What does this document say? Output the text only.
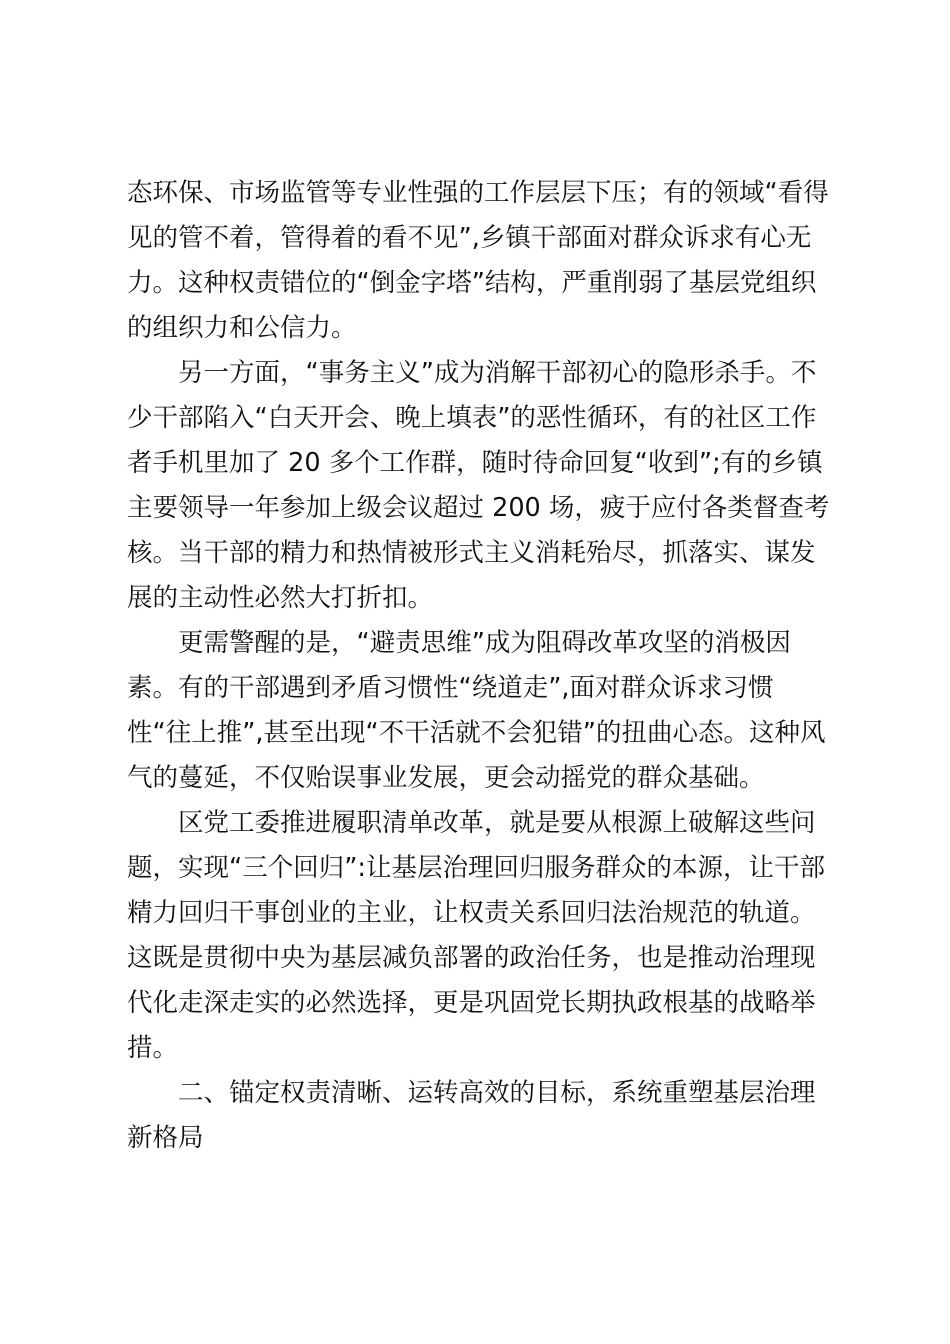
态环保、市场监管等专业性强的工作层层下压；有的领域“看得
见的管不着，管得着的看不见”,乡镇干部面对群众诉求有心无
力。这种权责错位的“倒金字塔”结构，严重削弱了基层党组织
的组织力和公信力。
　　另一方面，“事务主义”成为消解干部初心的隐形杀手。不
少干部陷入“白天开会、晚上填表”的恶性循环，有的社区工作
者手机里加了 20 多个工作群，随时待命回复“收到”;有的乡镇
主要领导一年参加上级会议超过 200 场，疲于应付各类督查考
核。当干部的精力和热情被形式主义消耗殆尽，抓落实、谋发
展的主动性必然大打折扣。
　　更需警醒的是，“避责思维”成为阻碍改革攻坚的消极因
素。有的干部遇到矛盾习惯性“绕道走”,面对群众诉求习惯
性“往上推”,甚至出现“不干活就不会犯错”的扭曲心态。这种风
气的蔓延，不仅贻误事业发展，更会动摇党的群众基础。
　　区党工委推进履职清单改革，就是要从根源上破解这些问
题，实现“三个回归”:让基层治理回归服务群众的本源，让干部
精力回归干事创业的主业，让权责关系回归法治规范的轨道。
这既是贯彻中央为基层减负部署的政治任务，也是推动治理现
代化走深走实的必然选择，更是巩固党长期执政根基的战略举
措。
　　二、锚定权责清晰、运转高效的目标，系统重塑基层治理
新格局
